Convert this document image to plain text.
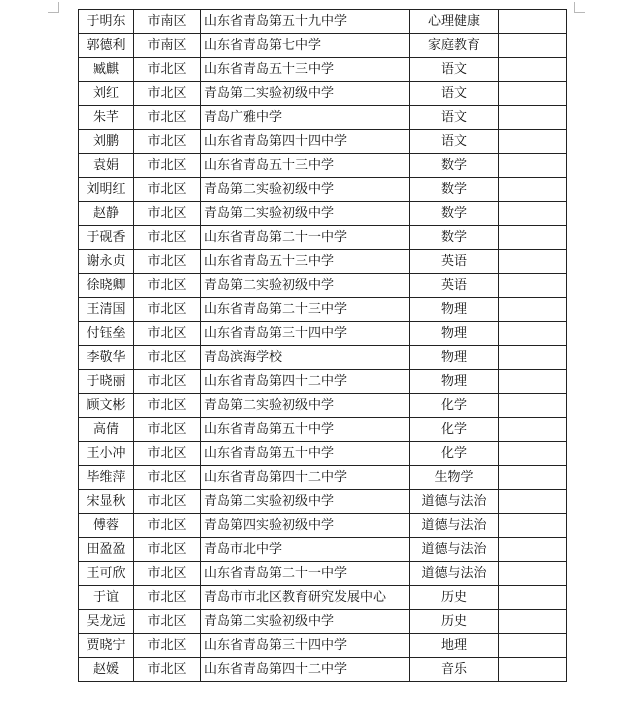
于明东	市南区	山东省青岛第五十九中学	心理健康	
郭德利	市南区	山东省青岛第七中学	家庭教育	
臧麒	市北区	山东省青岛五十三中学	语文	
刘红	市北区	青岛第二实验初级中学	语文	
朱芊	市北区	青岛广雅中学	语文	
刘鹏	市北区	山东省青岛第四十四中学	语文	
袁娟	市北区	山东省青岛五十三中学	数学	
刘明红	市北区	青岛第二实验初级中学	数学	
赵静	市北区	青岛第二实验初级中学	数学	
于砚香	市北区	山东省青岛第二十一中学	数学	
谢永贞	市北区	山东省青岛五十三中学	英语	
徐晓卿	市北区	青岛第二实验初级中学	英语	
王清国	市北区	山东省青岛第二十三中学	物理	
付钰垒	市北区	山东省青岛第三十四中学	物理	
李敬华	市北区	青岛滨海学校	物理	
于晓丽	市北区	山东省青岛第四十二中学	物理	
顾文彬	市北区	青岛第二实验初级中学	化学	
高倩	市北区	山东省青岛第五十中学	化学	
王小冲	市北区	山东省青岛第五十中学	化学	
毕维萍	市北区	山东省青岛第四十二中学	生物学	
宋显秋	市北区	青岛第二实验初级中学	道德与法治	
傅蓉	市北区	青岛第四实验初级中学	道德与法治	
田盈盈	市北区	青岛市北中学	道德与法治	
王可欣	市北区	山东省青岛第二十一中学	道德与法治	
于谊	市北区	青岛市市北区教育研究发展中心	历史	
吴龙远	市北区	青岛第二实验初级中学	历史	
贾晓宁	市北区	山东省青岛第三十四中学	地理	
赵媛	市北区	山东省青岛第四十二中学	音乐	
